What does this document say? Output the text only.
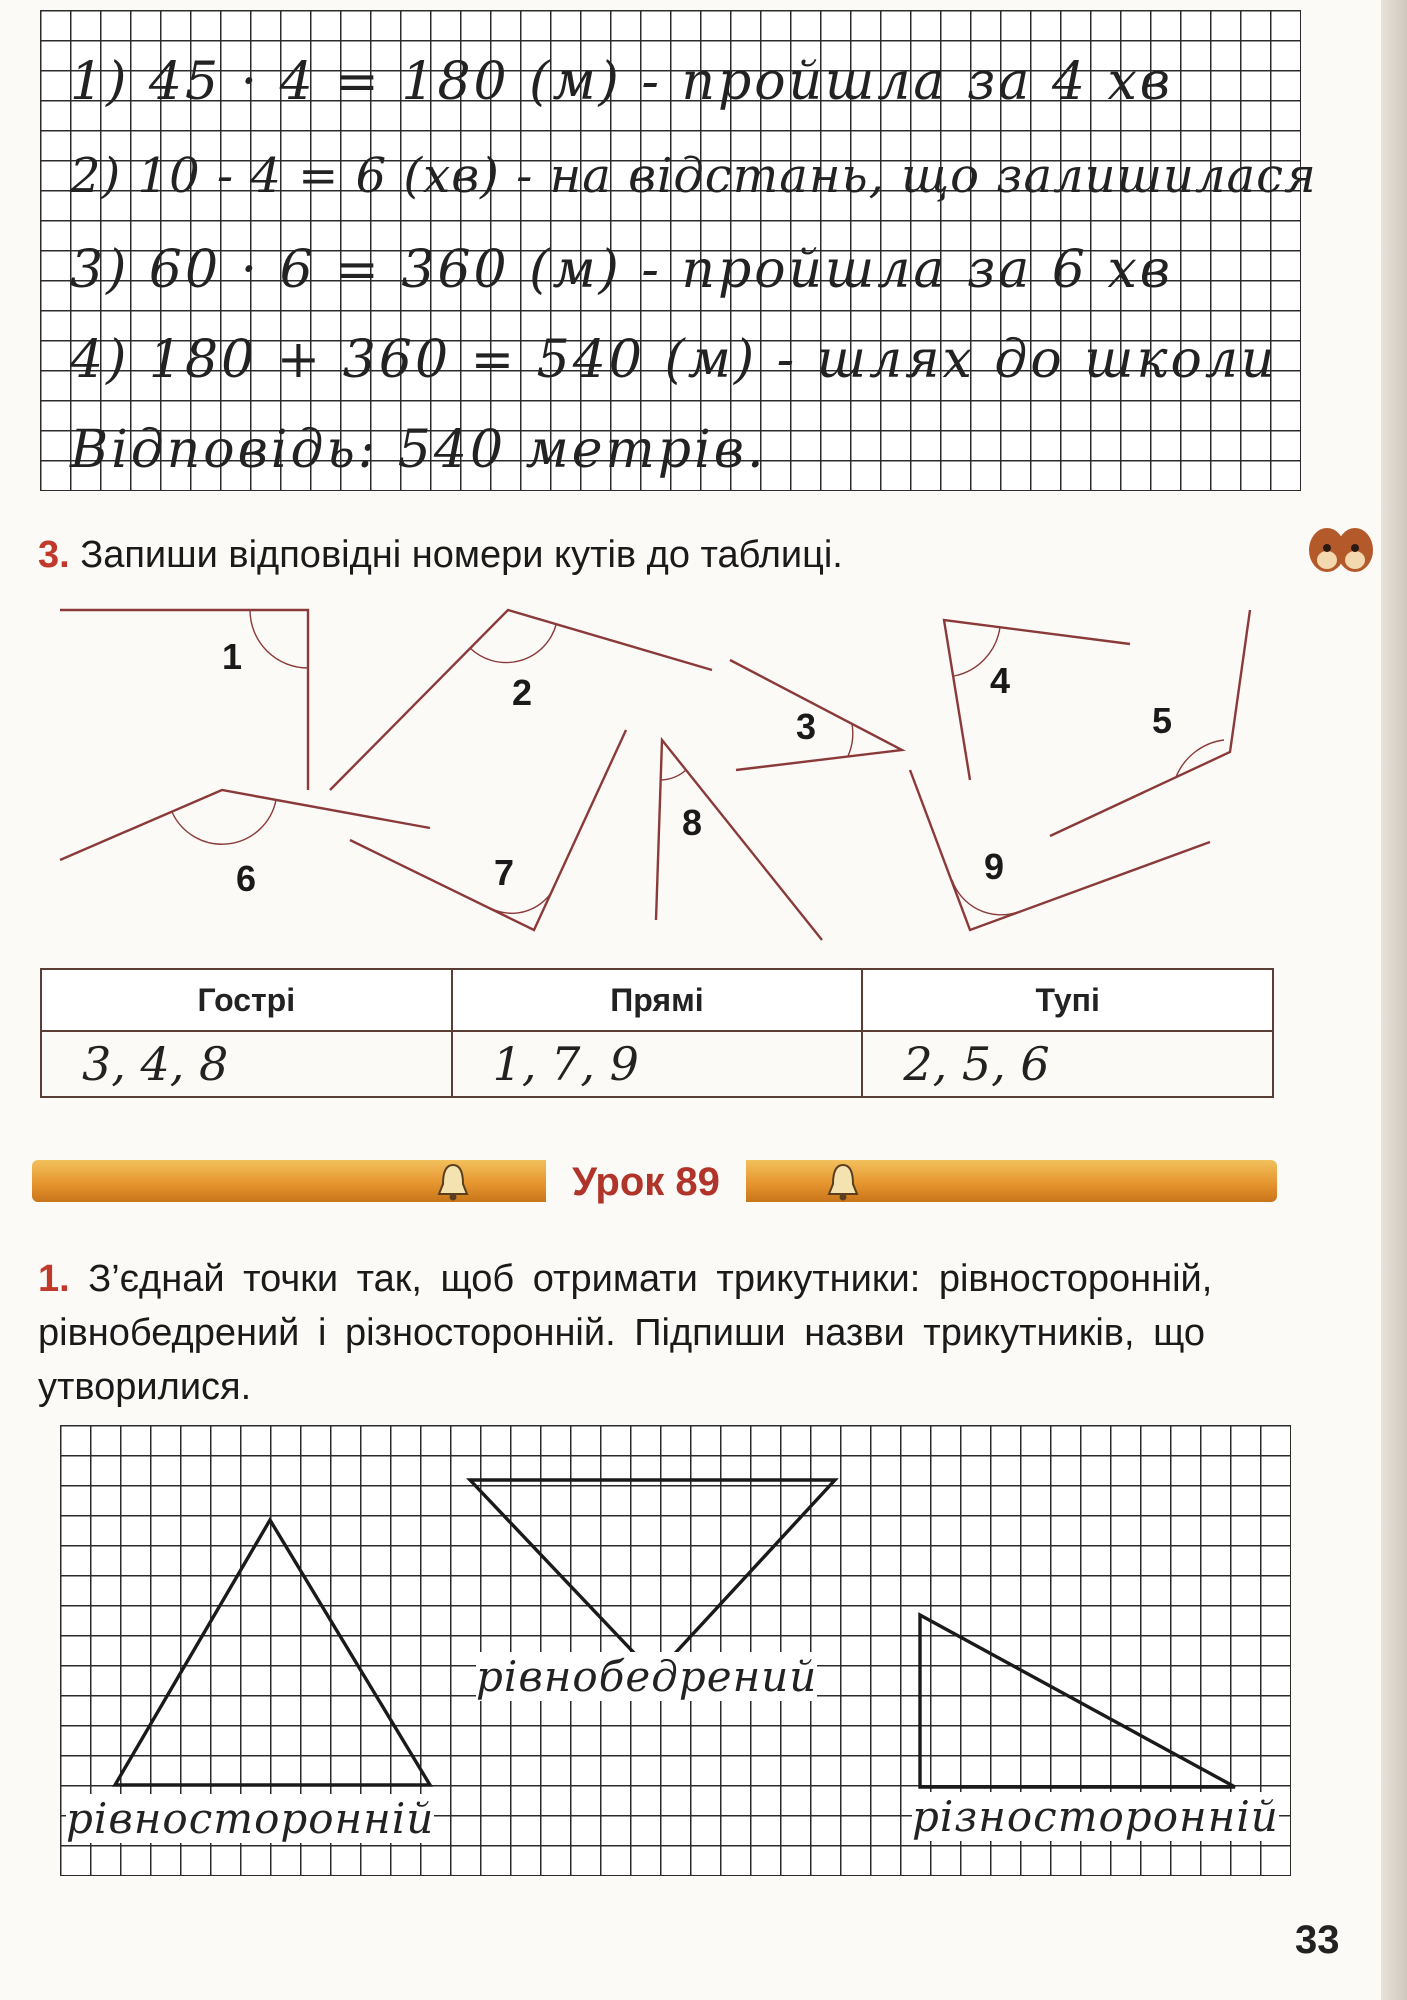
1) 45 · 4 = 180 (м) - пройшла за 4 хв
2) 10 - 4 = 6 (хв) - на відстань, що залишилася
3) 60 · 6 = 360 (м) - пройшла за 6 хв
4) 180 + 360 = 540 (м) - шлях до школи
Відповідь: 540 метрів.
3. Запиши відповідні номери кутів до таблиці.
1
2
3
4
5
6	7
8
9
Гострі	Прямі	Тупі
3, 4, 8	1, 7, 9	2, 5, 6
Урок 89
1. З’єднай точки так, щоб отримати трикутники: рівносторонній, рівнобедрений і різносторонній. Підпиши назви трикутників, що утворилися.
рівносторонній
рівнобедрений
різносторонній
33
